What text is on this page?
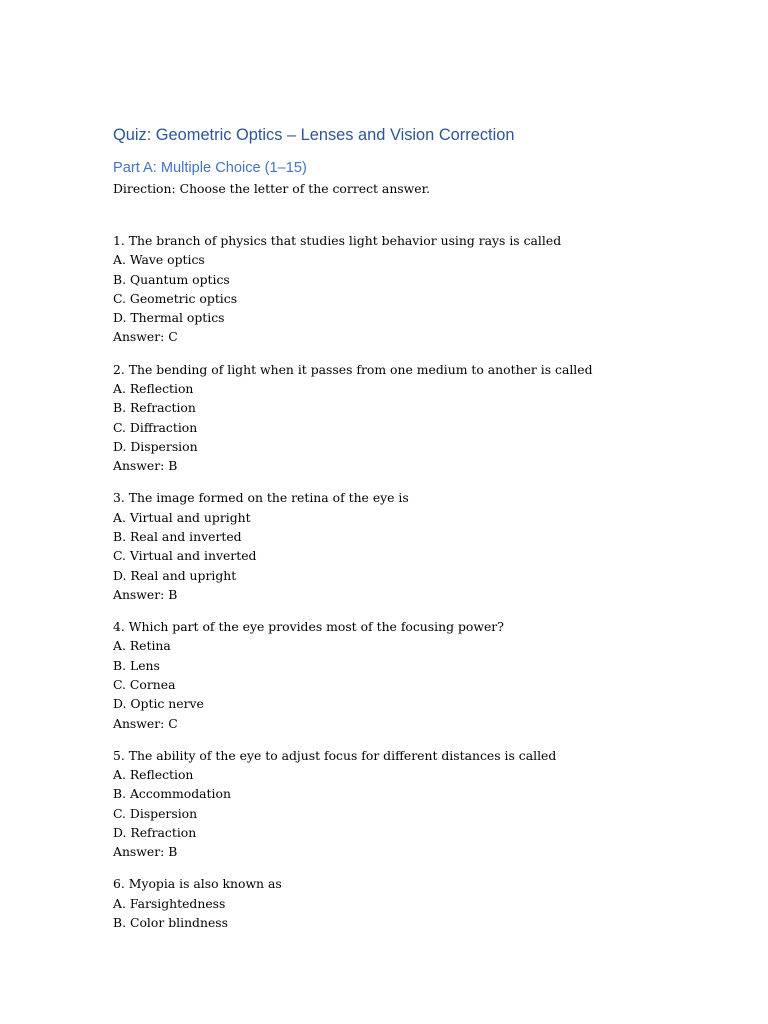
Quiz: Geometric Optics – Lenses and Vision Correction
Part A: Multiple Choice (1–15)

Direction: Choose the letter of the correct answer.

1. The branch of physics that studies light behavior using rays is called
A. Wave optics
B. Quantum optics
C. Geometric optics
D. Thermal optics
Answer: C
2. The bending of light when it passes from one medium to another is called
A. Reflection
B. Refraction
C. Diffraction
D. Dispersion
Answer: B
3. The image formed on the retina of the eye is
A. Virtual and upright
B. Real and inverted
C. Virtual and inverted
D. Real and upright
Answer: B
4. Which part of the eye provides most of the focusing power?
A. Retina
B. Lens
C. Cornea
D. Optic nerve
Answer: C
5. The ability of the eye to adjust focus for different distances is called
A. Reflection
B. Accommodation
C. Dispersion
D. Refraction
Answer: B
6. Myopia is also known as
A. Farsightedness
B. Color blindness
